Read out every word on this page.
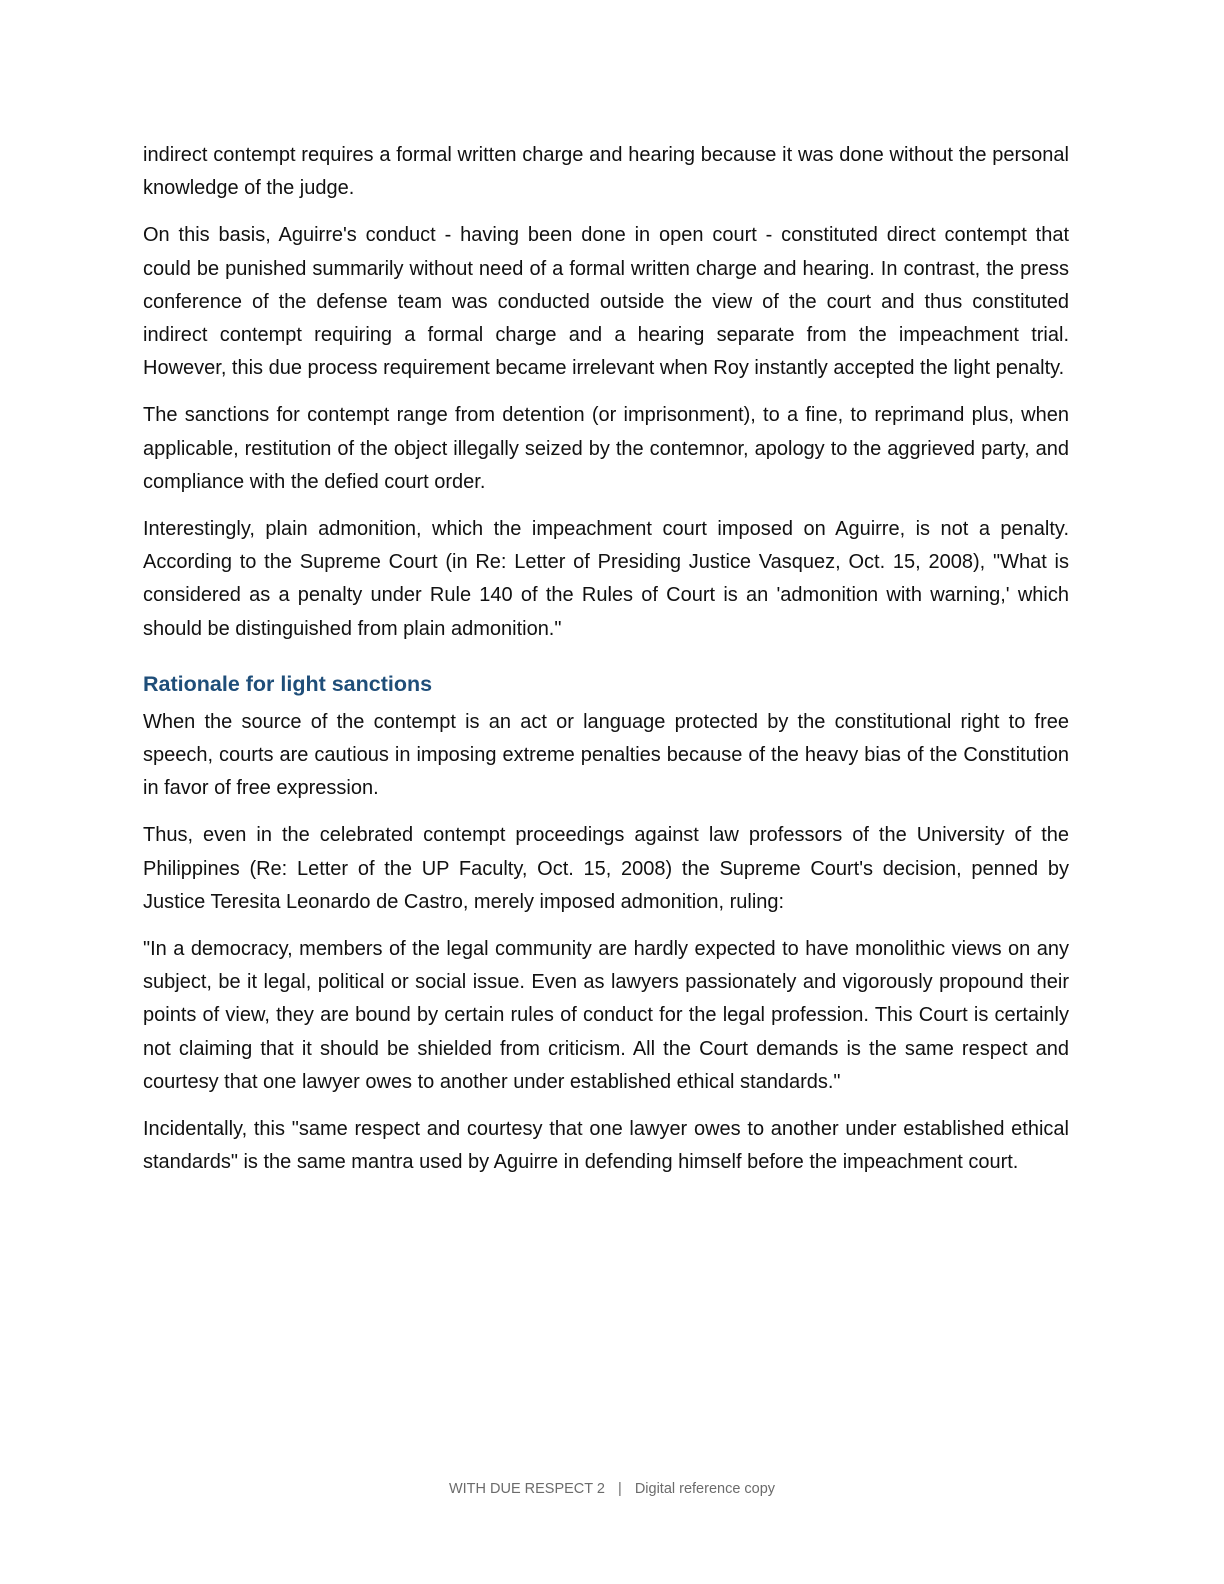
indirect contempt requires a formal written charge and hearing because it was done without the personal knowledge of the judge.

On this basis, Aguirre's conduct - having been done in open court - constituted direct contempt that could be punished summarily without need of a formal written charge and hearing. In contrast, the press conference of the defense team was conducted outside the view of the court and thus constituted indirect contempt requiring a formal charge and a hearing separate from the impeachment trial. However, this due process requirement became irrelevant when Roy instantly accepted the light penalty.

The sanctions for contempt range from detention (or imprisonment), to a fine, to reprimand plus, when applicable, restitution of the object illegally seized by the contemnor, apology to the aggrieved party, and compliance with the defied court order.

Interestingly, plain admonition, which the impeachment court imposed on Aguirre, is not a penalty. According to the Supreme Court (in Re: Letter of Presiding Justice Vasquez, Oct. 15, 2008), "What is considered as a penalty under Rule 140 of the Rules of Court is an 'admonition with warning,' which should be distinguished from plain admonition."

Rationale for light sanctions

When the source of the contempt is an act or language protected by the constitutional right to free speech, courts are cautious in imposing extreme penalties because of the heavy bias of the Constitution in favor of free expression.

Thus, even in the celebrated contempt proceedings against law professors of the University of the Philippines (Re: Letter of the UP Faculty, Oct. 15, 2008) the Supreme Court's decision, penned by Justice Teresita Leonardo de Castro, merely imposed admonition, ruling:

"In a democracy, members of the legal community are hardly expected to have monolithic views on any subject, be it legal, political or social issue. Even as lawyers passionately and vigorously propound their points of view, they are bound by certain rules of conduct for the legal profession. This Court is certainly not claiming that it should be shielded from criticism. All the Court demands is the same respect and courtesy that one lawyer owes to another under established ethical standards."

Incidentally, this "same respect and courtesy that one lawyer owes to another under established ethical standards" is the same mantra used by Aguirre in defending himself before the impeachment court.

WITH DUE RESPECT 2 | Digital reference copy
